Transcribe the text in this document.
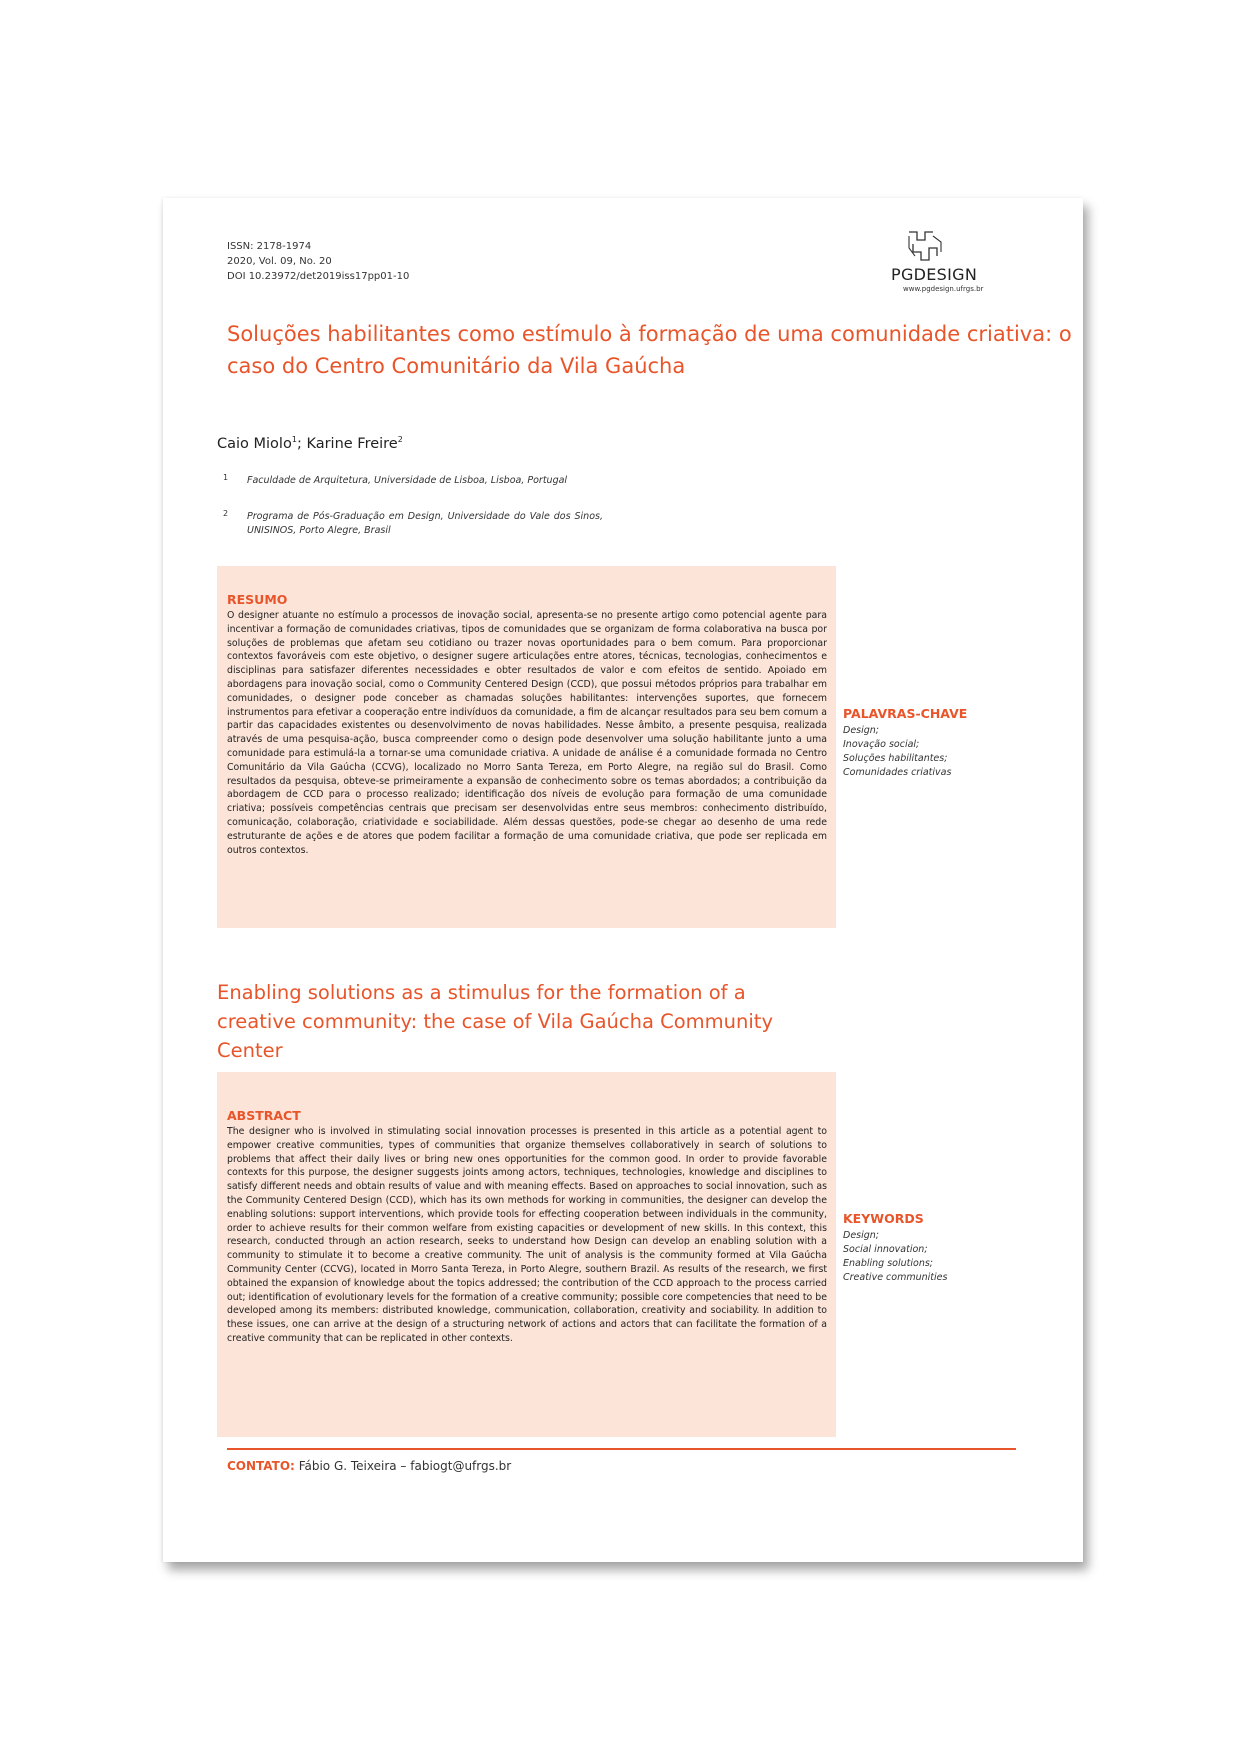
ISSN: 2178-1974
2020, Vol. 09, No. 20
DOI 10.23972/det2019iss17pp01-10	PGDESIGN
www.pgdesign.ufrgs.br
Soluções habilitantes como estímulo à formação de uma comunidade criativa: o caso do Centro Comunitário da Vila Gaúcha
Caio Miolo$^1$; Karine Freire$^2$
1 Faculdade de Arquitetura, Universidade de Lisboa, Lisboa, Portugal
2 Programa de Pós-Graduação em Design, Universidade do Vale dos Sinos, UNISINOS, Porto Alegre, Brasil
RESUMO
O designer atuante no estímulo a processos de inovação social, apresenta-se no presente artigo como potencial agente para incentivar a formação de comunidades criativas, tipos de comunidades que se organizam de forma colaborativa na busca por soluções de problemas que afetam seu cotidiano ou trazer novas oportunidades para o bem comum. Para proporcionar contextos favoráveis com este objetivo, o designer sugere articulações entre atores, técnicas, tecnologias, conhecimentos e disciplinas para satisfazer diferentes necessidades e obter resultados de valor e com efeitos de sentido. Apoiado em abordagens para inovação social, como o Community Centered Design (CCD), que possui métodos próprios para trabalhar em comunidades, o designer pode conceber as chamadas soluções habilitantes: intervenções suportes, que fornecem instrumentos para efetivar a cooperação entre indivíduos da comunidade, a fim de alcançar resultados para seu bem comum a partir das capacidades existentes ou desenvolvimento de novas habilidades. Nesse âmbito, a presente pesquisa, realizada através de uma pesquisa-ação, busca compreender como o design pode desenvolver uma solução habilitante junto a uma comunidade para estimulá-la a tornar-se uma comunidade criativa. A unidade de análise é a comunidade formada no Centro Comunitário da Vila Gaúcha (CCVG), localizado no Morro Santa Tereza, em Porto Alegre, na região sul do Brasil. Como resultados da pesquisa, obteve-se primeiramente a expansão de conhecimento sobre os temas abordados; a contribuição da abordagem de CCD para o processo realizado; identificação dos níveis de evolução para formação de uma comunidade criativa; possíveis competências centrais que precisam ser desenvolvidas entre seus membros: conhecimento distribuído, comunicação, colaboração, criatividade e sociabilidade. Além dessas questões, pode-se chegar ao desenho de uma rede estruturante de ações e de atores que podem facilitar a formação de uma comunidade criativa, que pode ser replicada em outros contextos.
PALAVRAS-CHAVE
Design;
Inovação social;
Soluções habilitantes;
Comunidades criativas
Enabling solutions as a stimulus for the formation of a creative community: the case of Vila Gaúcha Community Center
ABSTRACT
The designer who is involved in stimulating social innovation processes is presented in this article as a potential agent to empower creative communities, types of communities that organize themselves collaboratively in search of solutions to problems that affect their daily lives or bring new ones opportunities for the common good. In order to provide favorable contexts for this purpose, the designer suggests joints among actors, techniques, technologies, knowledge and disciplines to satisfy different needs and obtain results of value and with meaning effects. Based on approaches to social innovation, such as the Community Centered Design (CCD), which has its own methods for working in communities, the designer can develop the enabling solutions: support interventions, which provide tools for effecting cooperation between individuals in the community, order to achieve results for their common welfare from existing capacities or development of new skills. In this context, this research, conducted through an action research, seeks to understand how Design can develop an enabling solution with a community to stimulate it to become a creative community. The unit of analysis is the community formed at Vila Gaúcha Community Center (CCVG), located in Morro Santa Tereza, in Porto Alegre, southern Brazil. As results of the research, we first obtained the expansion of knowledge about the topics addressed; the contribution of the CCD approach to the process carried out; identification of evolutionary levels for the formation of a creative community; possible core competencies that need to be developed among its members: distributed knowledge, communication, collaboration, creativity and sociability. In addition to these issues, one can arrive at the design of a structuring network of actions and actors that can facilitate the formation of a creative community that can be replicated in other contexts.
KEYWORDS
Design;
Social innovation;
Enabling solutions;
Creative communities
CONTATO: Fábio G. Teixeira – fabiogt@ufrgs.br
